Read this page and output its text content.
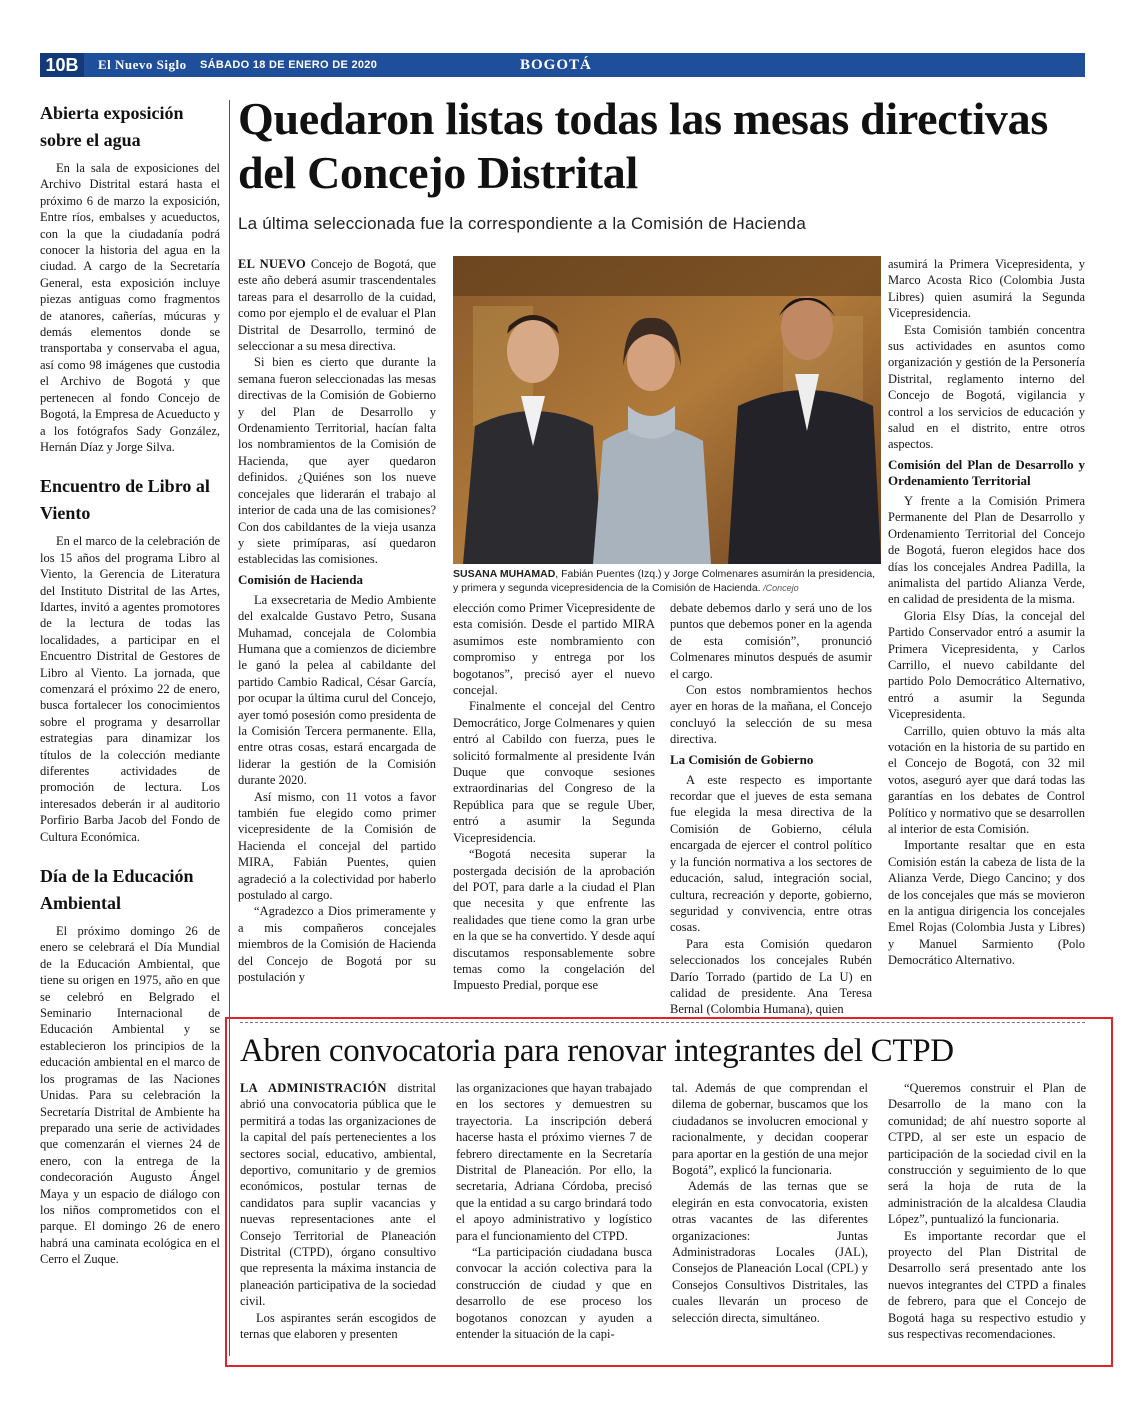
10B	El Nuevo Siglo SÁBADO 18 DE ENERO DE 2020	BOGOTÁ
Abierta exposición sobre el agua

En la sala de exposiciones del Archivo Distrital estará hasta el próximo 6 de marzo la exposición, Entre ríos, embalses y acueductos, con la que la ciudadanía podrá conocer la historia del agua en la ciudad. A cargo de la Secretaría General, esta exposición incluye piezas antiguas como fragmentos de atanores, cañerías, múcuras y demás elementos donde se transportaba y conservaba el agua, así como 98 imágenes que custodia el Archivo de Bogotá y que pertenecen al fondo Concejo de Bogotá, la Empresa de Acueducto y a los fotógrafos Sady González, Hernán Díaz y Jorge Silva.

Encuentro de Libro al Viento

En el marco de la celebración de los 15 años del programa Libro al Viento, la Gerencia de Literatura del Instituto Distrital de las Artes, Idartes, invitó a agentes promotores de la lectura de todas las localidades, a participar en el Encuentro Distrital de Gestores de Libro al Viento. La jornada, que comenzará el próximo 22 de enero, busca fortalecer los conocimientos sobre el programa y desarrollar estrategias para dinamizar los títulos de la colección mediante diferentes actividades de promoción de lectura. Los interesados deberán ir al auditorio Porfirio Barba Jacob del Fondo de Cultura Económica.

Día de la Educación Ambiental

El próximo domingo 26 de enero se celebrará el Día Mundial de la Educación Ambiental, que tiene su origen en 1975, año en que se celebró en Belgrado el Seminario Internacional de Educación Ambiental y se establecieron los principios de la educación ambiental en el marco de los programas de las Naciones Unidas. Para su celebración la Secretaría Distrital de Ambiente ha preparado una serie de actividades que comenzarán el viernes 24 de enero, con la entrega de la condecoración Augusto Ángel Maya y un espacio de diálogo con los niños comprometidos con el parque. El domingo 26 de enero habrá una caminata ecológica en el Cerro el Zuque.

Quedaron listas todas las mesas directivas del Concejo Distrital

La última seleccionada fue la correspondiente a la Comisión de Hacienda

EL NUEVO Concejo de Bogotá, que este año deberá asumir trascendentales tareas para el desarrollo de la cuidad, como por ejemplo el de evaluar el Plan Distrital de Desarrollo, terminó de seleccionar a su mesa directiva.

Si bien es cierto que durante la semana fueron seleccionadas las mesas directivas de la Comisión de Gobierno y del Plan de Desarrollo y Ordenamiento Territorial, hacían falta los nombramientos de la Comisión de Hacienda, que ayer quedaron definidos. ¿Quiénes son los nueve concejales que liderarán el trabajo al interior de cada una de las comisiones? Con dos cabildantes de la vieja usanza y siete primíparas, así quedaron establecidas las comisiones.

Comisión de Hacienda

La exsecretaria de Medio Ambiente del exalcalde Gustavo Petro, Susana Muhamad, concejala de Colombia Humana que a comienzos de diciembre le ganó la pelea al cabildante del partido Cambio Radical, César García, por ocupar la última curul del Concejo, ayer tomó posesión como presidenta de la Comisión Tercera permanente. Ella, entre otras cosas, estará encargada de liderar la gestión de la Comisión durante 2020.

Así mismo, con 11 votos a favor también fue elegido como primer vicepresidente de la Comisión de Hacienda el concejal del partido MIRA, Fabián Puentes, quien agradeció a la colectividad por haberlo postulado al cargo.

“Agradezco a Dios primeramente y a mis compañeros concejales miembros de la Comisión de Hacienda del Concejo de Bogotá por su postulación y

SUSANA MUHAMAD, Fabián Puentes (Izq.) y Jorge Colmenares asumirán la presidencia, y primera y segunda vicepresidencia de la Comisión de Hacienda. /Concejo

elección como Primer Vicepresidente de esta comisión. Desde el partido MIRA asumimos este nombramiento con compromiso y entrega por los bogotanos”, precisó ayer el nuevo concejal.

Finalmente el concejal del Centro Democrático, Jorge Colmenares y quien entró al Cabildo con fuerza, pues le solicitó formalmente al presidente Iván Duque que convoque sesiones extraordinarias del Congreso de la República para que se regule Uber, entró a asumir la Segunda Vicepresidencia.

“Bogotá necesita superar la postergada decisión de la aprobación del POT, para darle a la ciudad el Plan que necesita y que enfrente las realidades que tiene como la gran urbe en la que se ha convertido. Y desde aquí discutamos responsablemente sobre temas como la congelación del Impuesto Predial, porque ese

debate debemos darlo y será uno de los puntos que debemos poner en la agenda de esta comisión”, pronunció Colmenares minutos después de asumir el cargo.

Con estos nombramientos hechos ayer en horas de la mañana, el Concejo concluyó la selección de su mesa directiva.

La Comisión de Gobierno

A este respecto es importante recordar que el jueves de esta semana fue elegida la mesa directiva de la Comisión de Gobierno, célula encargada de ejercer el control político y la función normativa a los sectores de educación, salud, integración social, cultura, recreación y deporte, gobierno, seguridad y convivencia, entre otras cosas.

Para esta Comisión quedaron seleccionados los concejales Rubén Darío Torrado (partido de La U) en calidad de presidente. Ana Teresa Bernal (Colombia Humana), quien

asumirá la Primera Vicepresidenta, y Marco Acosta Rico (Colombia Justa Libres) quien asumirá la Segunda Vicepresidencia.

Esta Comisión también concentra sus actividades en asuntos como organización y gestión de la Personería Distrital, reglamento interno del Concejo de Bogotá, vigilancia y control a los servicios de educación y salud en el distrito, entre otros aspectos.

Comisión del Plan de Desarrollo y Ordenamiento Territorial

Y frente a la Comisión Primera Permanente del Plan de Desarrollo y Ordenamiento Territorial del Concejo de Bogotá, fueron elegidos hace dos días los concejales Andrea Padilla, la animalista del partido Alianza Verde, en calidad de presidenta de la misma.

Gloria Elsy Días, la concejal del Partido Conservador entró a asumir la Primera Vicepresidenta, y Carlos Carrillo, el nuevo cabildante del partido Polo Democrático Alternativo, entró a asumir la Segunda Vicepresidenta.

Carrillo, quien obtuvo la más alta votación en la historia de su partido en el Concejo de Bogotá, con 32 mil votos, aseguró ayer que dará todas las garantías en los debates de Control Político y normativo que se desarrollen al interior de esta Comisión.

Importante resaltar que en esta Comisión están la cabeza de lista de la Alianza Verde, Diego Cancino; y dos de los concejales que más se movieron en la antigua dirigencia los concejales Emel Rojas (Colombia Justa y Libres) y Manuel Sarmiento (Polo Democrático Alternativo.

Abren convocatoria para renovar integrantes del CTPD

LA ADMINISTRACIÓN distrital abrió una convocatoria pública que le permitirá a todas las organizaciones de la capital del país pertenecientes a los sectores social, educativo, ambiental, deportivo, comunitario y de gremios económicos, postular ternas de candidatos para suplir vacancias y nuevas representaciones ante el Consejo Territorial de Planeación Distrital (CTPD), órgano consultivo que representa la máxima instancia de planeación participativa de la sociedad civil.

Los aspirantes serán escogidos de ternas que elaboren y presenten

las organizaciones que hayan trabajado en los sectores y demuestren su trayectoria. La inscripción deberá hacerse hasta el próximo viernes 7 de febrero directamente en la Secretaría Distrital de Planeación. Por ello, la secretaria, Adriana Córdoba, precisó que la entidad a su cargo brindará todo el apoyo administrativo y logístico para el funcionamiento del CTPD.

“La participación ciudadana busca convocar la acción colectiva para la construcción de ciudad y que en desarrollo de ese proceso los bogotanos conozcan y ayuden a entender la situación de la capi-

tal. Además de que comprendan el dilema de gobernar, buscamos que los ciudadanos se involucren emocional y racionalmente, y decidan cooperar para aportar en la gestión de una mejor Bogotá”, explicó la funcionaria.

Además de las ternas que se elegirán en esta convocatoria, existen otras vacantes de las diferentes organizaciones: Juntas Administradoras Locales (JAL), Consejos de Planeación Local (CPL) y Consejos Consultivos Distritales, las cuales llevarán un proceso de selección directa, simultáneo.

“Queremos construir el Plan de Desarrollo de la mano con la comunidad; de ahí nuestro soporte al CTPD, al ser este un espacio de participación de la sociedad civil en la construcción y seguimiento de lo que será la hoja de ruta de la administración de la alcaldesa Claudia López”, puntualizó la funcionaria.

Es importante recordar que el proyecto del Plan Distrital de Desarrollo será presentado ante los nuevos integrantes del CTPD a finales de febrero, para que el Concejo de Bogotá haga su respectivo estudio y sus respectivas recomendaciones.
